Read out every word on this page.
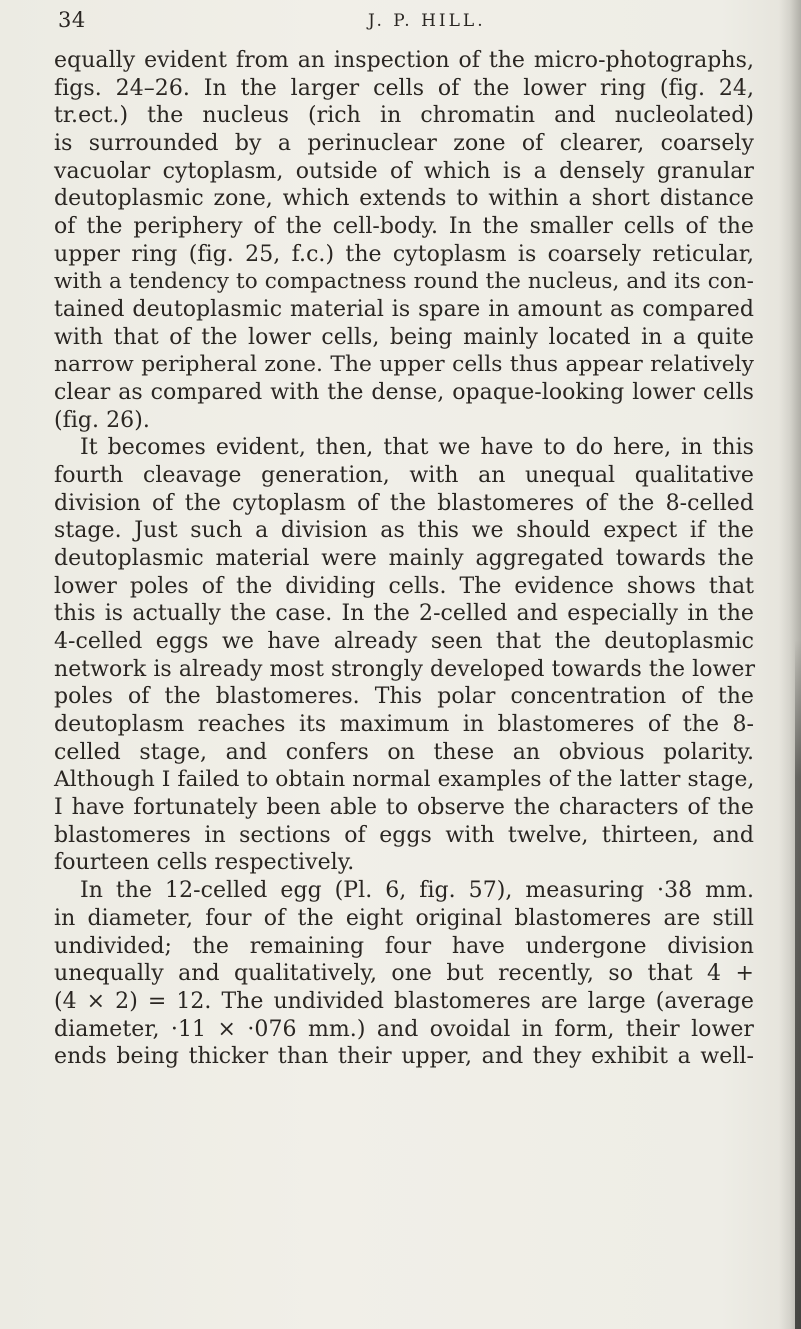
34	J. P. HILL.
equally evident from an inspection of the micro-photographs,
figs. 24–26. In the larger cells of the lower ring (fig. 24,
tr.ect.) the nucleus (rich in chromatin and nucleolated)
is surrounded by a perinuclear zone of clearer, coarsely
vacuolar cytoplasm, outside of which is a densely granular
deutoplasmic zone, which extends to within a short distance
of the periphery of the cell-body. In the smaller cells of the
upper ring (fig. 25, f.c.) the cytoplasm is coarsely reticular,
with a tendency to compactness round the nucleus, and its con-
tained deutoplasmic material is spare in amount as compared
with that of the lower cells, being mainly located in a quite
narrow peripheral zone. The upper cells thus appear relatively
clear as compared with the dense, opaque-looking lower cells
(fig. 26).
It becomes evident, then, that we have to do here, in this
fourth cleavage generation, with an unequal qualitative
division of the cytoplasm of the blastomeres of the 8-celled
stage. Just such a division as this we should expect if the
deutoplasmic material were mainly aggregated towards the
lower poles of the dividing cells. The evidence shows that
this is actually the case. In the 2-celled and especially in the
4-celled eggs we have already seen that the deutoplasmic
network is already most strongly developed towards the lower
poles of the blastomeres. This polar concentration of the
deutoplasm reaches its maximum in blastomeres of the 8-
celled stage, and confers on these an obvious polarity.
Although I failed to obtain normal examples of the latter stage,
I have fortunately been able to observe the characters of the
blastomeres in sections of eggs with twelve, thirteen, and
fourteen cells respectively.
In the 12-celled egg (Pl. 6, fig. 57), measuring ·38 mm.
in diameter, four of the eight original blastomeres are still
undivided; the remaining four have undergone division
unequally and qualitatively, one but recently, so that 4 +
(4 × 2) = 12. The undivided blastomeres are large (average
diameter, ·11 × ·076 mm.) and ovoidal in form, their lower
ends being thicker than their upper, and they exhibit a well-
